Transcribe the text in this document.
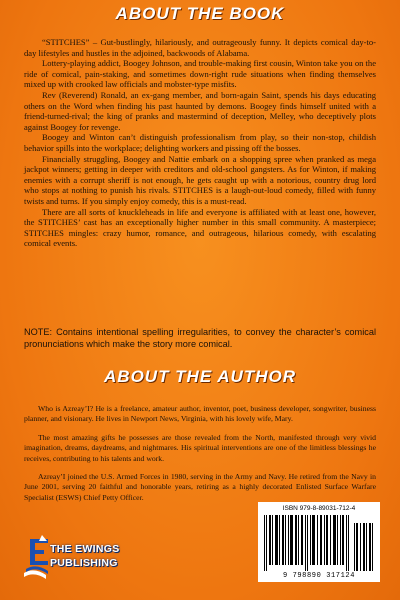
ABOUT THE BOOK

“STITCHES” – Gut-bustlingly, hilariously, and outrageously funny. It depicts comical day-to-day lifestyles and hustles in the adjoined, backwoods of Alabama.

Lottery-playing addict, Boogey Johnson, and trouble-making first cousin, Winton take you on the ride of comical, pain-staking, and sometimes down-right rude situations when finding themselves mixed up with crooked law officials and mobster-type misfits.

Rev (Reverend) Ronald, an ex-gang member, and born-again Saint, spends his days educating others on the Word when finding his past haunted by demons. Boogey finds himself united with a friend-turned-rival; the king of pranks and mastermind of deception, Melley, who deceptively plots against Boogey for revenge.

Boogey and Winton can’t distinguish professionalism from play, so their non-stop, childish behavior spills into the workplace; delighting workers and pissing off the bosses.

Financially struggling, Boogey and Nattie embark on a shopping spree when pranked as mega jackpot winners; getting in deeper with creditors and old-school gangsters. As for Winton, if making enemies with a corrupt sheriff is not enough, he gets caught up with a notorious, country drug lord who stops at nothing to punish his rivals. STITCHES is a laugh-out-loud comedy, filled with funny twists and turns. If you simply enjoy comedy, this is a must-read.

There are all sorts of knuckleheads in life and everyone is affiliated with at least one, however, the STITCHES’ cast has an exceptionally higher number in this small community. A masterpiece; STITCHES mingles: crazy humor, romance, and outrageous, hilarious comedy, with escalating comical events.

NOTE: Contains intentional spelling irregularities, to convey the character’s comical pronunciations which make the story more comical.

ABOUT THE AUTHOR

Who is Azreay’I? He is a freelance, amateur author, inventor, poet, business developer, songwriter, business planner, and visionary. He lives in Newport News, Virginia, with his lovely wife, Mary.

The most amazing gifts he possesses are those revealed from the North, manifested through very vivid imagination, dreams, daydreams, and nightmares. His spiritual interventions are one of the limitless blessings he receives, contributing to his talents and work.

Azreay’I joined the U.S. Armed Forces in 1980, serving in the Army and Navy. He retired from the Navy in June 2001, serving 20 faithful and honorable years, retiring as a highly decorated Enlisted Surface Warfare Specialist (ESWS) Chief Petty Officer.

THE EWINGS
PUBLISHING
ISBN 979-8-89031-712-4
9 798890 317124
